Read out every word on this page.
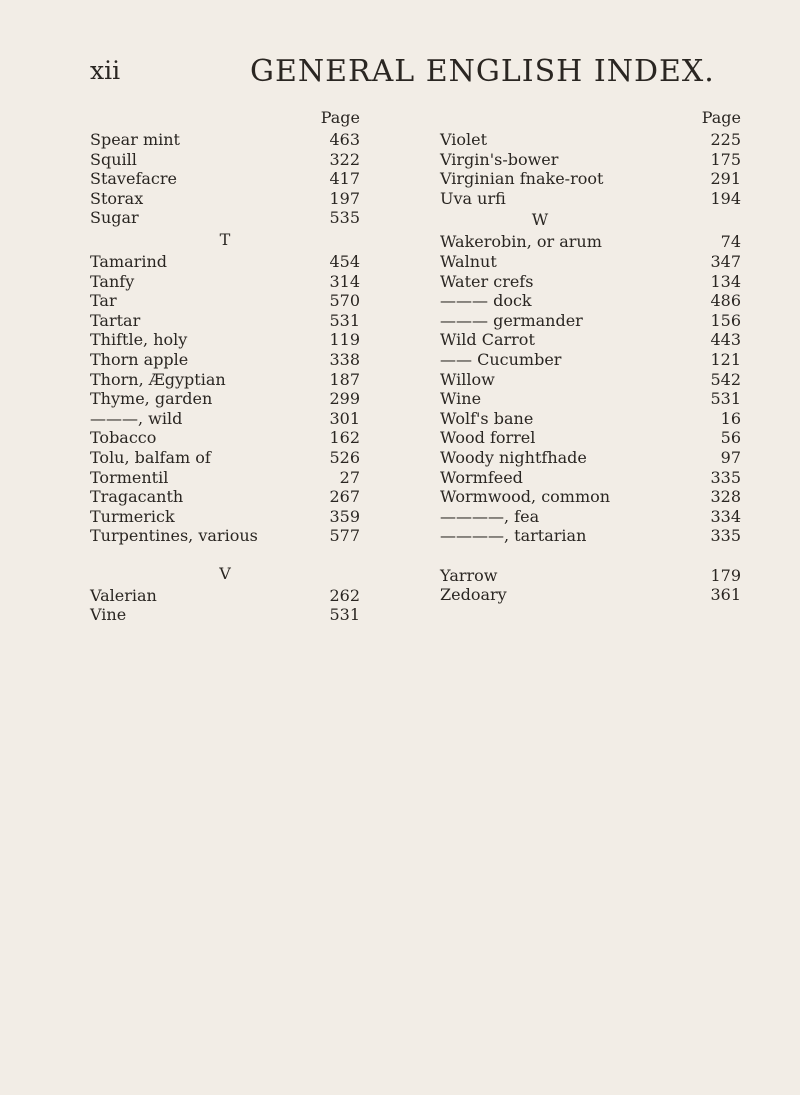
xii	GENERAL ENGLISH INDEX.
Page
Spear mint	463
Squill	322
Stavefacre	417
Storax	197
Sugar	535
T
Tamarind	454
Tanfy	314
Tar	570
Tartar	531
Thiftle, holy	119
Thorn apple	338
Thorn, Ægyptian	187
Thyme, garden	299
———, wild	301
Tobacco	162
Tolu, balfam of	526
Tormentil	27
Tragacanth	267
Turmerick	359
Turpentines, various	577
V
Valerian	262
Vine	531
Page
Violet	225
Virgin's-bower	175
Virginian fnake-root	291
Uva urfi	194
W
Wakerobin, or arum	74
Walnut	347
Water crefs	134
——— dock	486
——— germander	156
Wild Carrot	443
—— Cucumber	121
Willow	542
Wine	531
Wolf's bane	16
Wood forrel	56
Woody nightfhade	97
Wormfeed	335
Wormwood, common	328
————, fea	334
————, tartarian	335
Yarrow	179
Zedoary	361
